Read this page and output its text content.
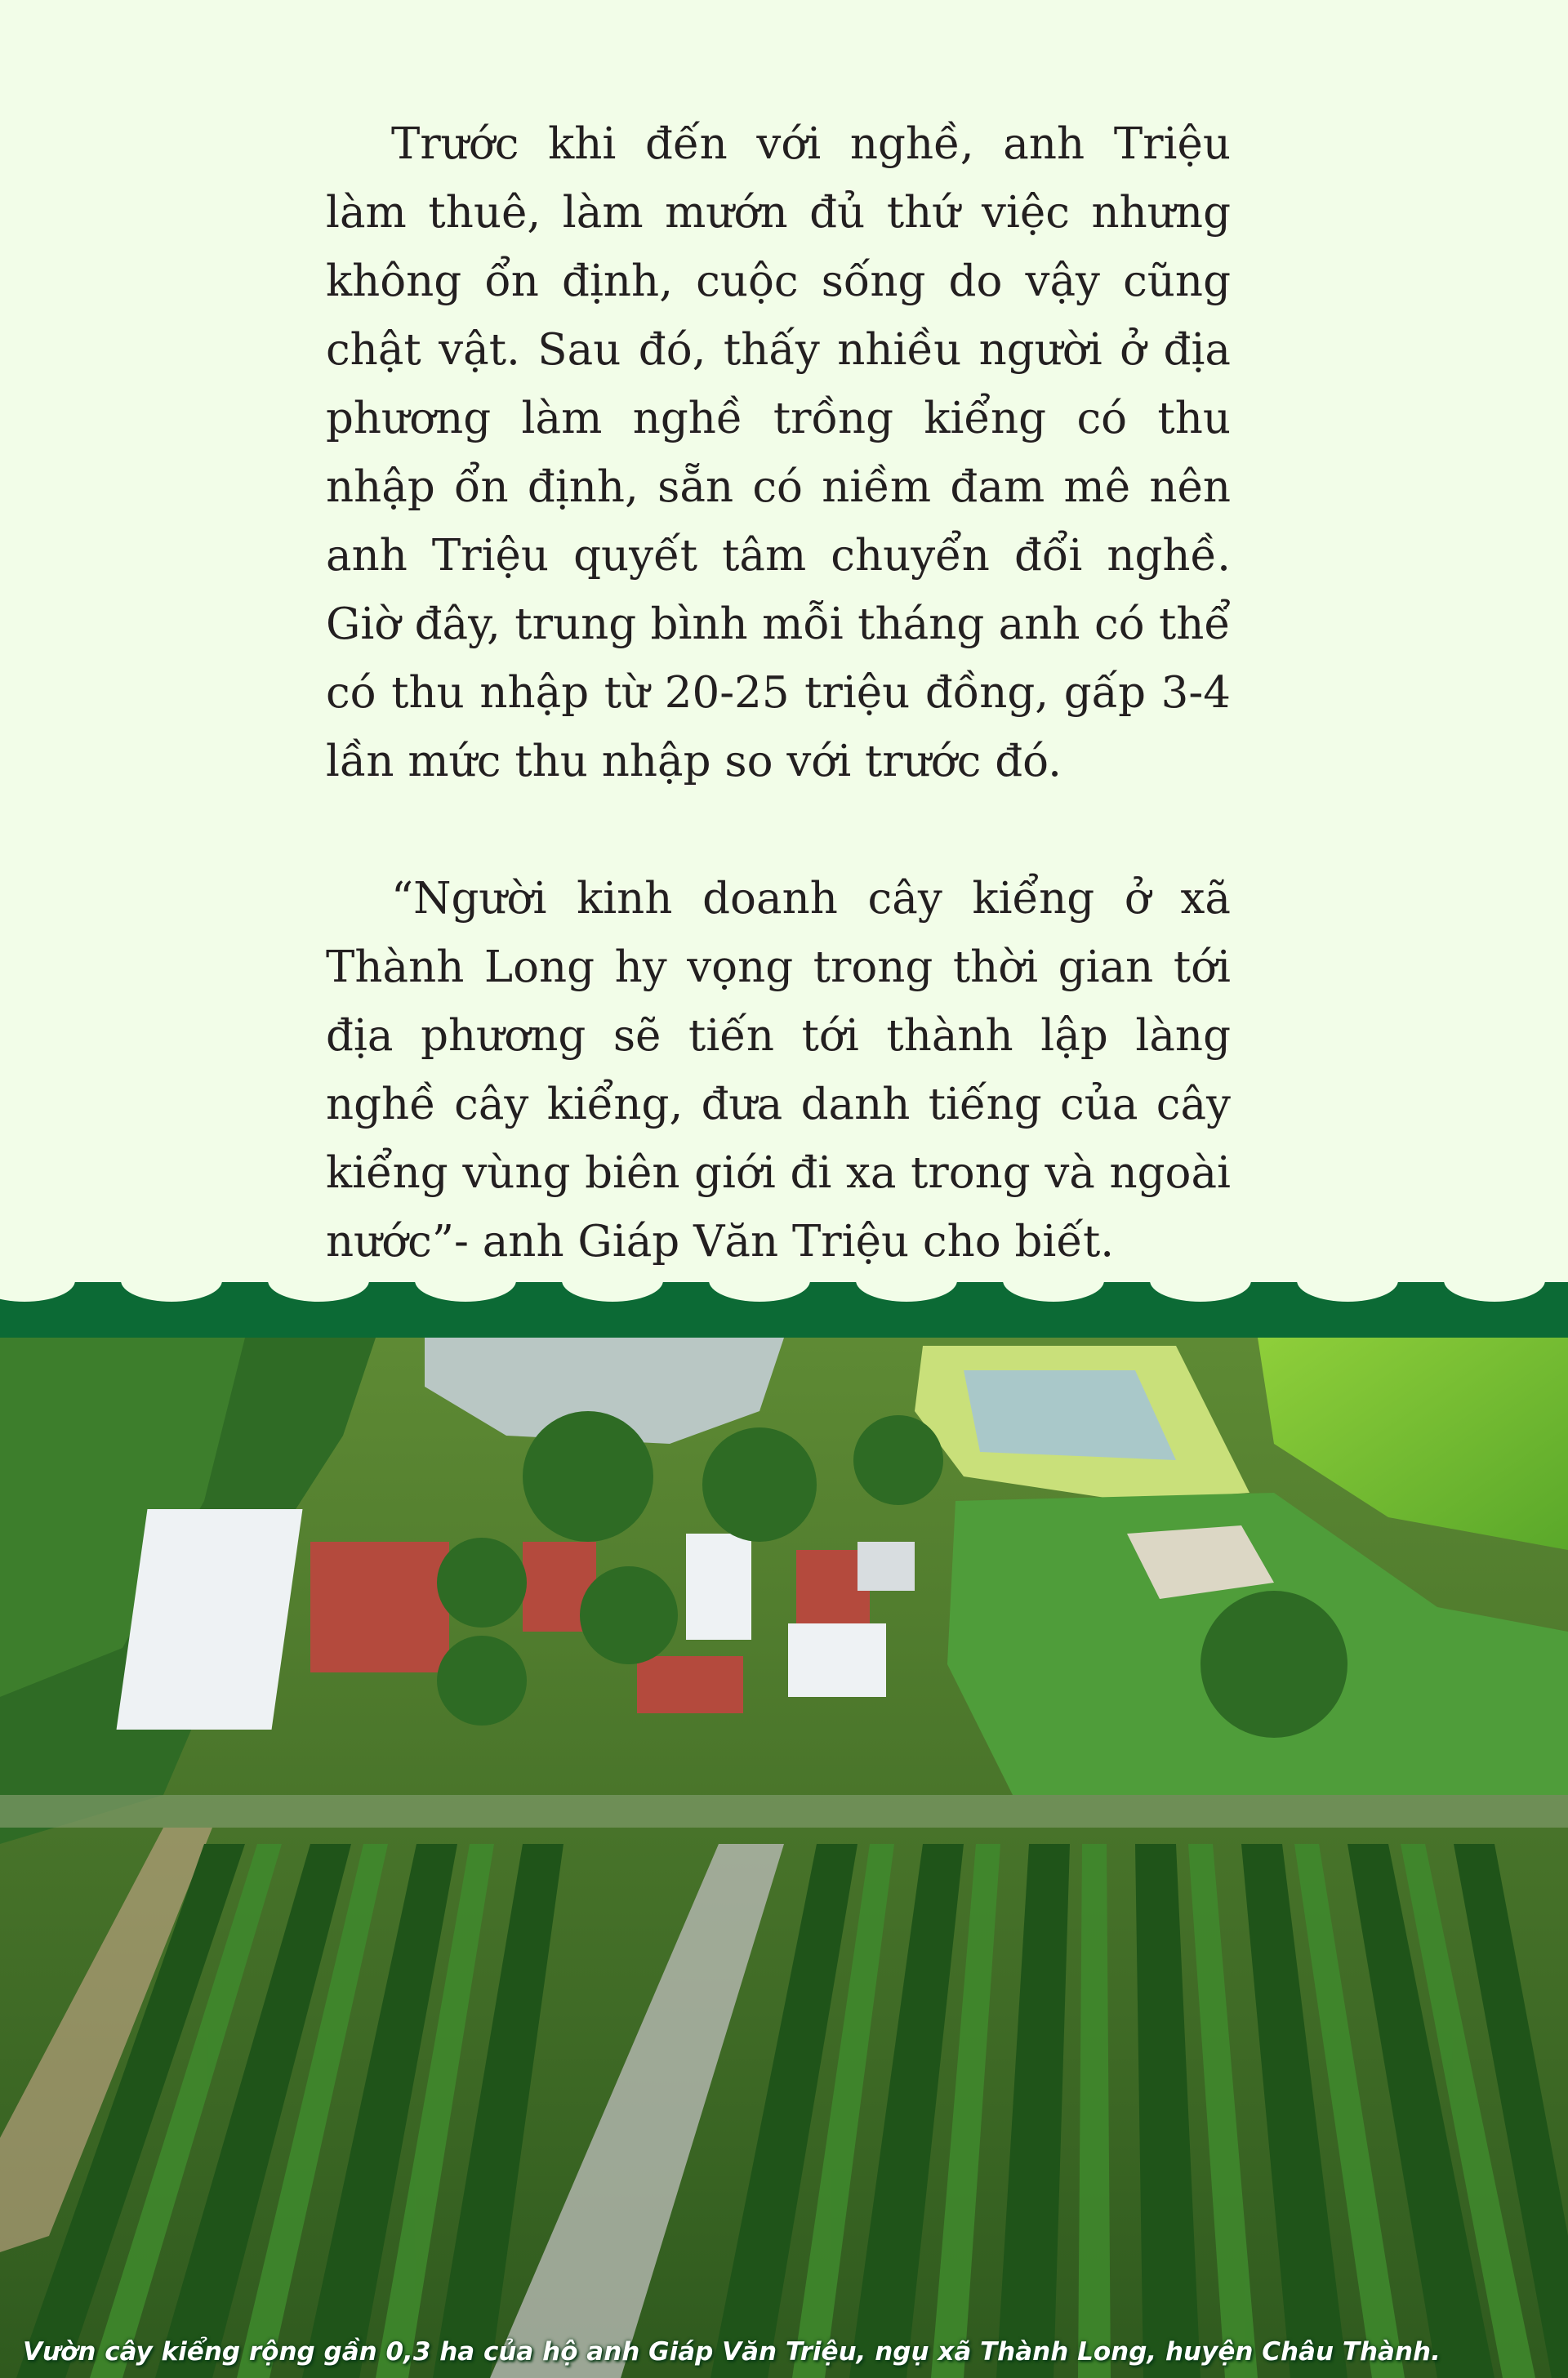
Trước khi đến với nghề, anh Triệu làm thuê, làm mướn đủ thứ việc nhưng không ổn định, cuộc sống do vậy cũng chật vật. Sau đó, thấy nhiều người ở địa phương làm nghề trồng kiểng có thu nhập ổn định, sẵn có niềm đam mê nên anh Triệu quyết tâm chuyển đổi nghề. Giờ đây, trung bình mỗi tháng anh có thể có thu nhập từ 20-25 triệu đồng, gấp 3-4 lần mức thu nhập so với trước đó.

“Người kinh doanh cây kiểng ở xã Thành Long hy vọng trong thời gian tới địa phương sẽ tiến tới thành lập làng nghề cây kiểng, đưa danh tiếng của cây kiểng vùng biên giới đi xa trong và ngoài nước”- anh Giáp Văn Triệu cho biết.

Vườn cây kiểng rộng gần 0,3 ha của hộ anh Giáp Văn Triệu, ngụ xã Thành Long, huyện Châu Thành.
